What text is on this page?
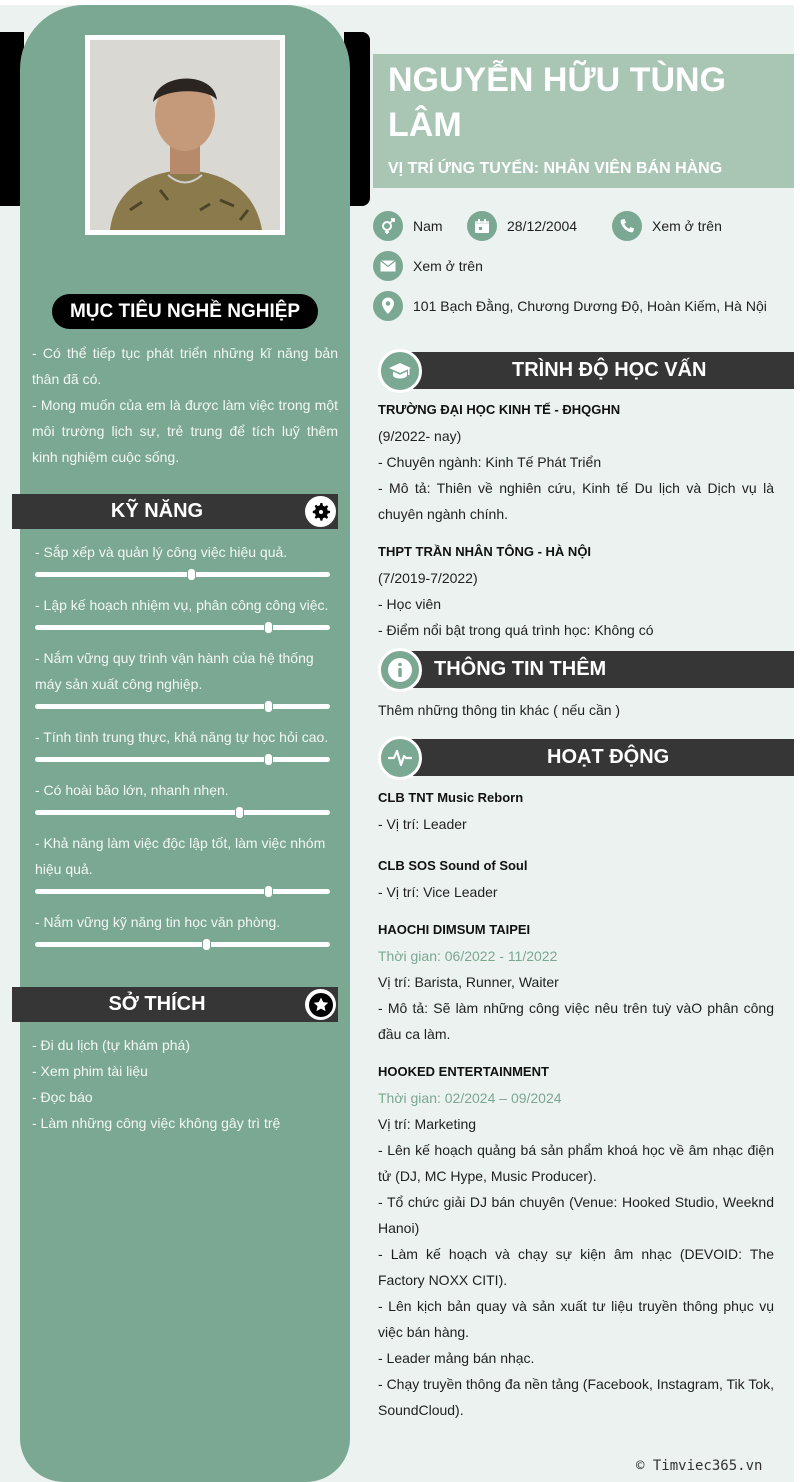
MỤC TIÊU NGHỀ NGHIỆP
- Có thể tiếp tục phát triển những kĩ năng bản thân đã có.
- Mong muốn của em là được làm việc trong một môi trường lịch sự, trẻ trung để tích luỹ thêm kinh nghiệm cuộc sống.
KỸ NĂNG
- Sắp xếp và quản lý công việc hiệu quả.
- Lập kế hoạch nhiệm vụ, phân công công việc.
- Nắm vững quy trình vận hành của hệ thống máy sản xuất công nghiệp.
- Tính tình trung thực, khả năng tự học hỏi cao.
- Có hoài bão lớn, nhanh nhẹn.
- Khả năng làm việc độc lập tốt, làm việc nhóm hiệu quả.
- Nắm vững kỹ năng tin học văn phòng.
SỞ THÍCH
- Đi du lịch (tự khám phá)
- Xem phim tài liệu
- Đọc báo
- Làm những công việc không gây trì trệ
NGUYỄN HỮU TÙNG LÂM
VỊ TRÍ ỨNG TUYỂN: NHÂN VIÊN BÁN HÀNG
Nam	28/12/2004	Xem ở trên
Xem ở trên
101 Bạch Đằng, Chương Dương Độ, Hoàn Kiếm, Hà Nội
TRÌNH ĐỘ HỌC VẤN
TRƯỜNG ĐẠI HỌC KINH TẾ - ĐHQGHN
(9/2022- nay)
- Chuyên ngành: Kinh Tế Phát Triển
- Mô tả: Thiên về nghiên cứu, Kinh tế Du lịch và Dịch vụ là chuyên ngành chính.
THPT TRẦN NHÂN TÔNG - HÀ NỘI
(7/2019-7/2022)
- Học viên
- Điểm nổi bật trong quá trình học: Không có
THÔNG TIN THÊM
Thêm những thông tin khác ( nếu cần )
HOẠT ĐỘNG
CLB TNT Music Reborn
- Vị trí: Leader
CLB SOS Sound of Soul
- Vị trí: Vice Leader
HAOCHI DIMSUM TAIPEI
Thời gian: 06/2022 - 11/2022
Vị trí: Barista, Runner, Waiter
- Mô tả: Sẽ làm những công việc nêu trên tuỳ vàO phân công đầu ca làm.
HOOKED ENTERTAINMENT
Thời gian: 02/2024 – 09/2024
Vị trí: Marketing
- Lên kế hoạch quảng bá sản phẩm khoá học về âm nhạc điện tử (DJ, MC Hype, Music Producer).
- Tổ chức giải DJ bán chuyên (Venue: Hooked Studio, Weeknd Hanoi)
- Làm kế hoạch và chạy sự kiện âm nhạc (DEVOID: The Factory NOXX CITI).
- Lên kịch bản quay và sản xuất tư liệu truyền thông phục vụ việc bán hàng.
- Leader mảng bán nhạc.
- Chạy truyền thông đa nền tảng (Facebook, Instagram, Tik Tok, SoundCloud).
© Timviec365.vn
